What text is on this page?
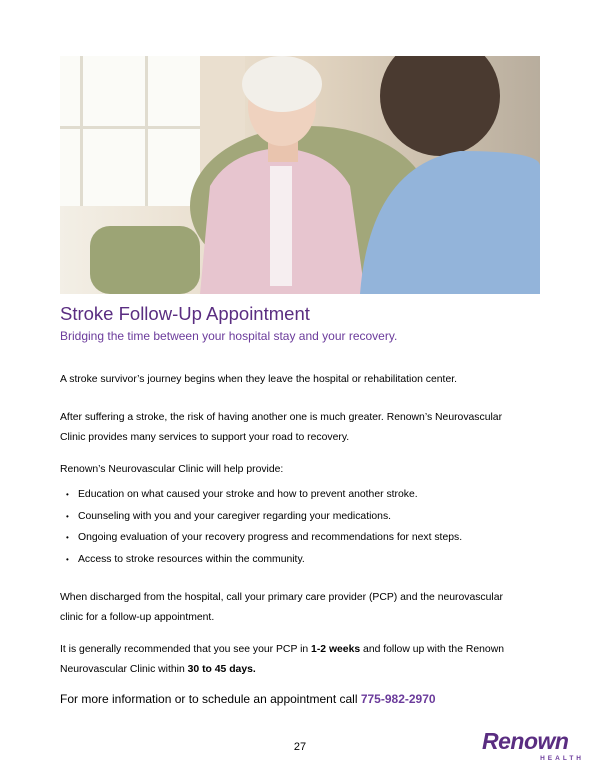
Stroke Follow-Up Appointment
Bridging the time between your hospital stay and your recovery.
A stroke survivor’s journey begins when they leave the hospital or rehabilitation center.
After suffering a stroke, the risk of having another one is much greater. Renown’s Neurovascular
Clinic provides many services to support your road to recovery.
Renown’s Neurovascular Clinic will help provide:
• Education on what caused your stroke and how to prevent another stroke.
• Counseling with you and your caregiver regarding your medications.
• Ongoing evaluation of your recovery progress and recommendations for next steps.
• Access to stroke resources within the community.
When discharged from the hospital, call your primary care provider (PCP) and the neurovascular
clinic for a follow-up appointment.
It is generally recommended that you see your PCP in 1-2 weeks and follow up with the Renown
Neurovascular Clinic within 30 to 45 days.
For more information or to schedule an appointment call 775-982-2970
27	Renown
HEALTH
